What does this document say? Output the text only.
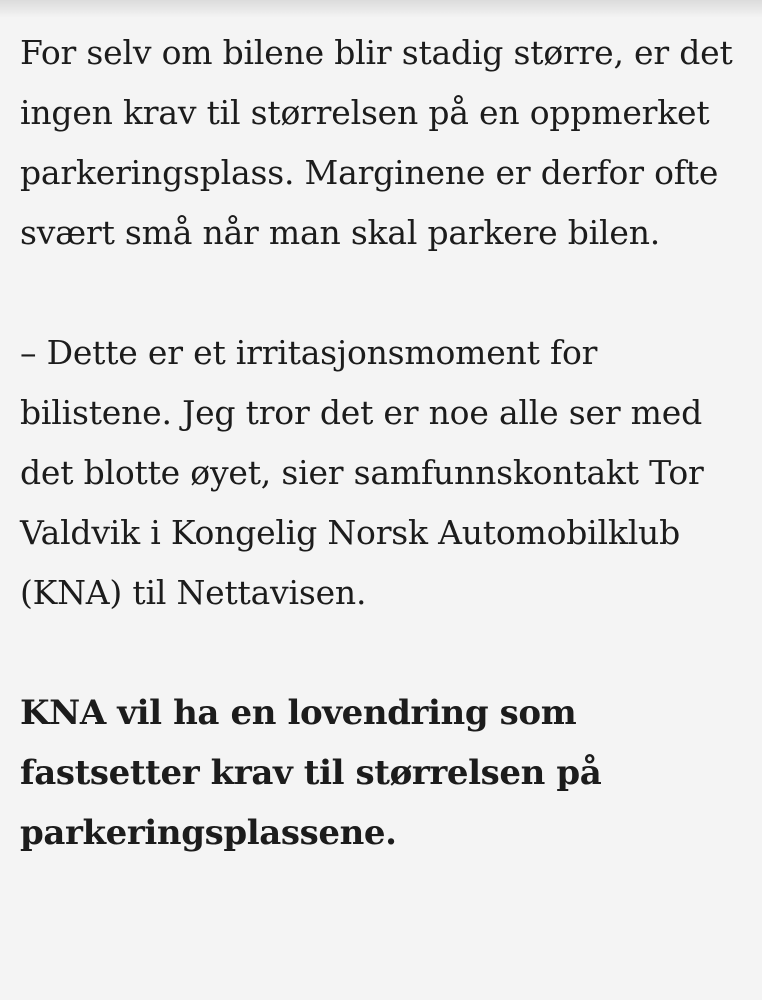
For selv om bilene blir stadig større, er det ingen krav til størrelsen på en oppmerket parkeringsplass. Marginene er derfor ofte svært små når man skal parkere bilen.

– Dette er et irritasjonsmoment for bilistene. Jeg tror det er noe alle ser med det blotte øyet, sier samfunnskontakt Tor Valdvik i Kongelig Norsk Automobilklub (KNA) til Nettavisen.

KNA vil ha en lovendring som fastsetter krav til størrelsen på parkeringsplassene.
